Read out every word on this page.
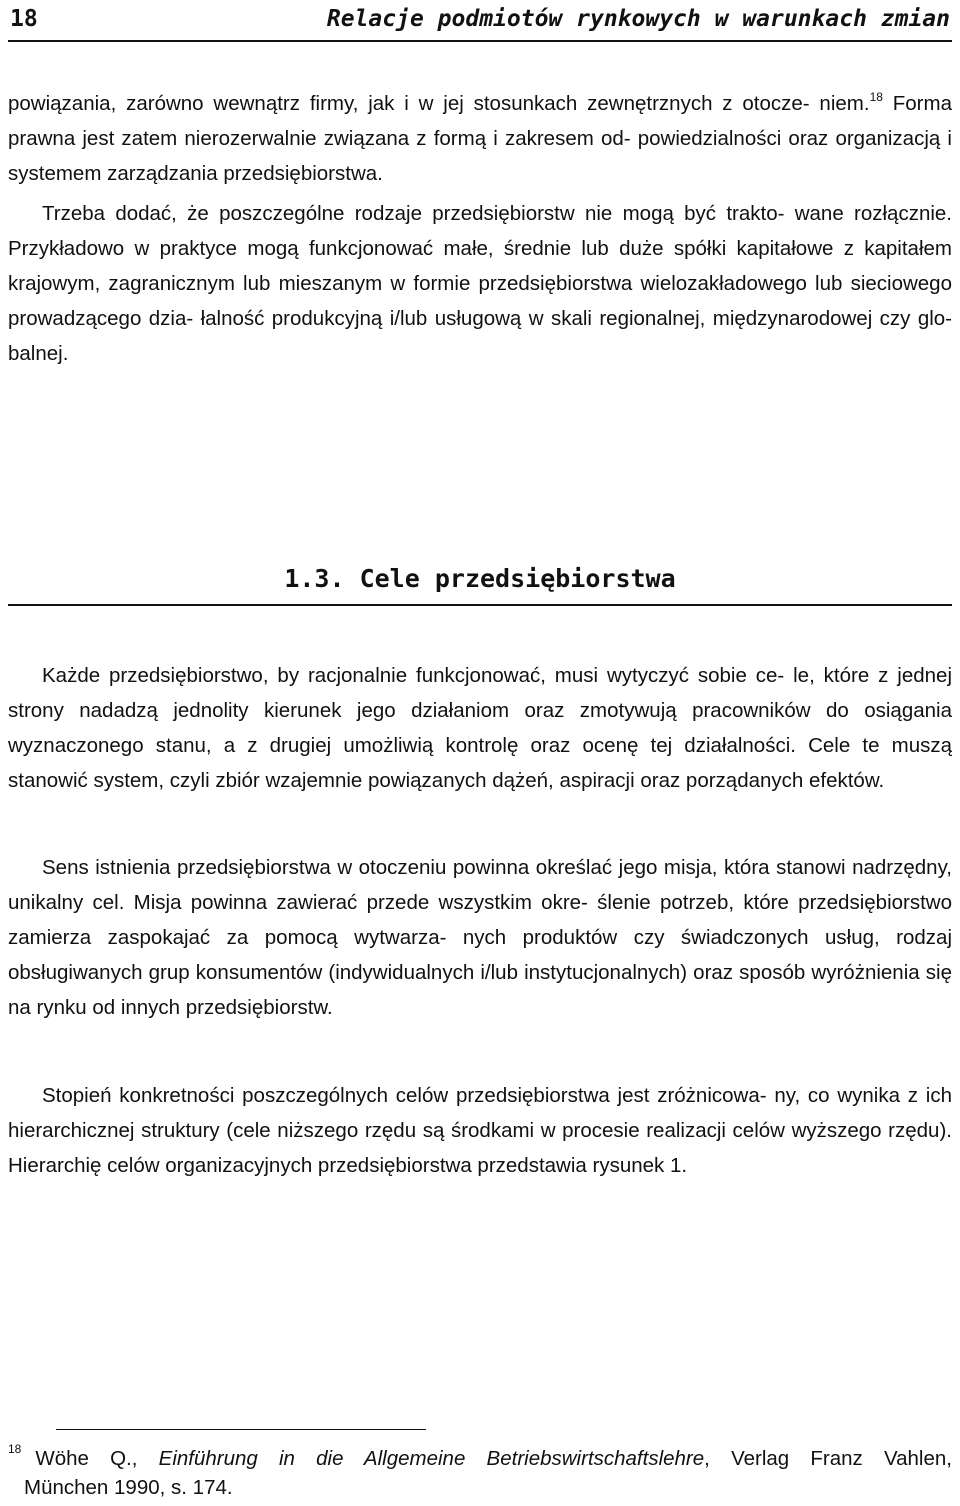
18	Relacje podmiotów rynkowych w warunkach zmian

powiązania, zarówno wewnątrz firmy, jak i w jej stosunkach zewnętrznych z otocze- niem.$^{18}$ Forma prawna jest zatem nierozerwalnie związana z formą i zakresem od- powiedzialności oraz organizacją i systemem zarządzania przedsiębiorstwa.

Trzeba dodać, że poszczególne rodzaje przedsiębiorstw nie mogą być trakto- wane rozłącznie. Przykładowo w praktyce mogą funkcjonować małe, średnie lub duże spółki kapitałowe z kapitałem krajowym, zagranicznym lub mieszanym w formie przedsiębiorstwa wielozakładowego lub sieciowego prowadzącego dzia- łalność produkcyjną i/lub usługową w skali regionalnej, międzynarodowej czy glo- balnej.

1.3. Cele przedsiębiorstwa

Każde przedsiębiorstwo, by racjonalnie funkcjonować, musi wytyczyć sobie ce- le, które z jednej strony nadadzą jednolity kierunek jego działaniom oraz zmotywują pracowników do osiągania wyznaczonego stanu, a z drugiej umożliwią kontrolę oraz ocenę tej działalności. Cele te muszą stanowić system, czyli zbiór wzajemnie powiązanych dążeń, aspiracji oraz porządanych efektów.

Sens istnienia przedsiębiorstwa w otoczeniu powinna określać jego misja, która stanowi nadrzędny, unikalny cel. Misja powinna zawierać przede wszystkim okre- ślenie potrzeb, które przedsiębiorstwo zamierza zaspokajać za pomocą wytwarza- nych produktów czy świadczonych usług, rodzaj obsługiwanych grup konsumentów (indywidualnych i/lub instytucjonalnych) oraz sposób wyróżnienia się na rynku od innych przedsiębiorstw.

Stopień konkretności poszczególnych celów przedsiębiorstwa jest zróżnicowa- ny, co wynika z ich hierarchicznej struktury (cele niższego rzędu są środkami w procesie realizacji celów wyższego rzędu). Hierarchię celów organizacyjnych przedsiębiorstwa przedstawia rysunek 1.

$^{18}$ Wöhe Q., Einführung in die Allgemeine Betriebswirtschaftslehre, Verlag Franz Vahlen,
München 1990, s. 174.
